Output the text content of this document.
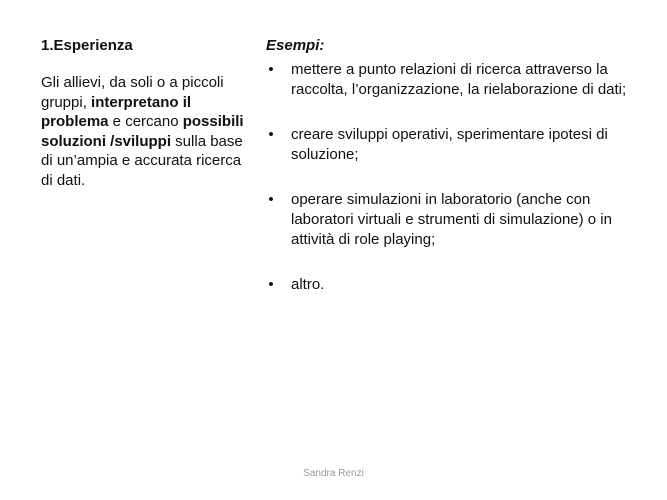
1.Esperienza

Gli allievi, da soli o a piccoli gruppi, interpretano il problema e cercano possibili soluzioni /sviluppi sulla base di un’ampia e accurata ricerca di dati.

Esempi:

• mettere a punto relazioni di ricerca attraverso la raccolta, l’organizzazione, la rielaborazione di dati;
• creare sviluppi operativi, sperimentare ipotesi di soluzione;
• operare simulazioni in laboratorio (anche con laboratori virtuali e strumenti di simulazione) o in attività di role playing;
• altro.
Sandra Renzi
